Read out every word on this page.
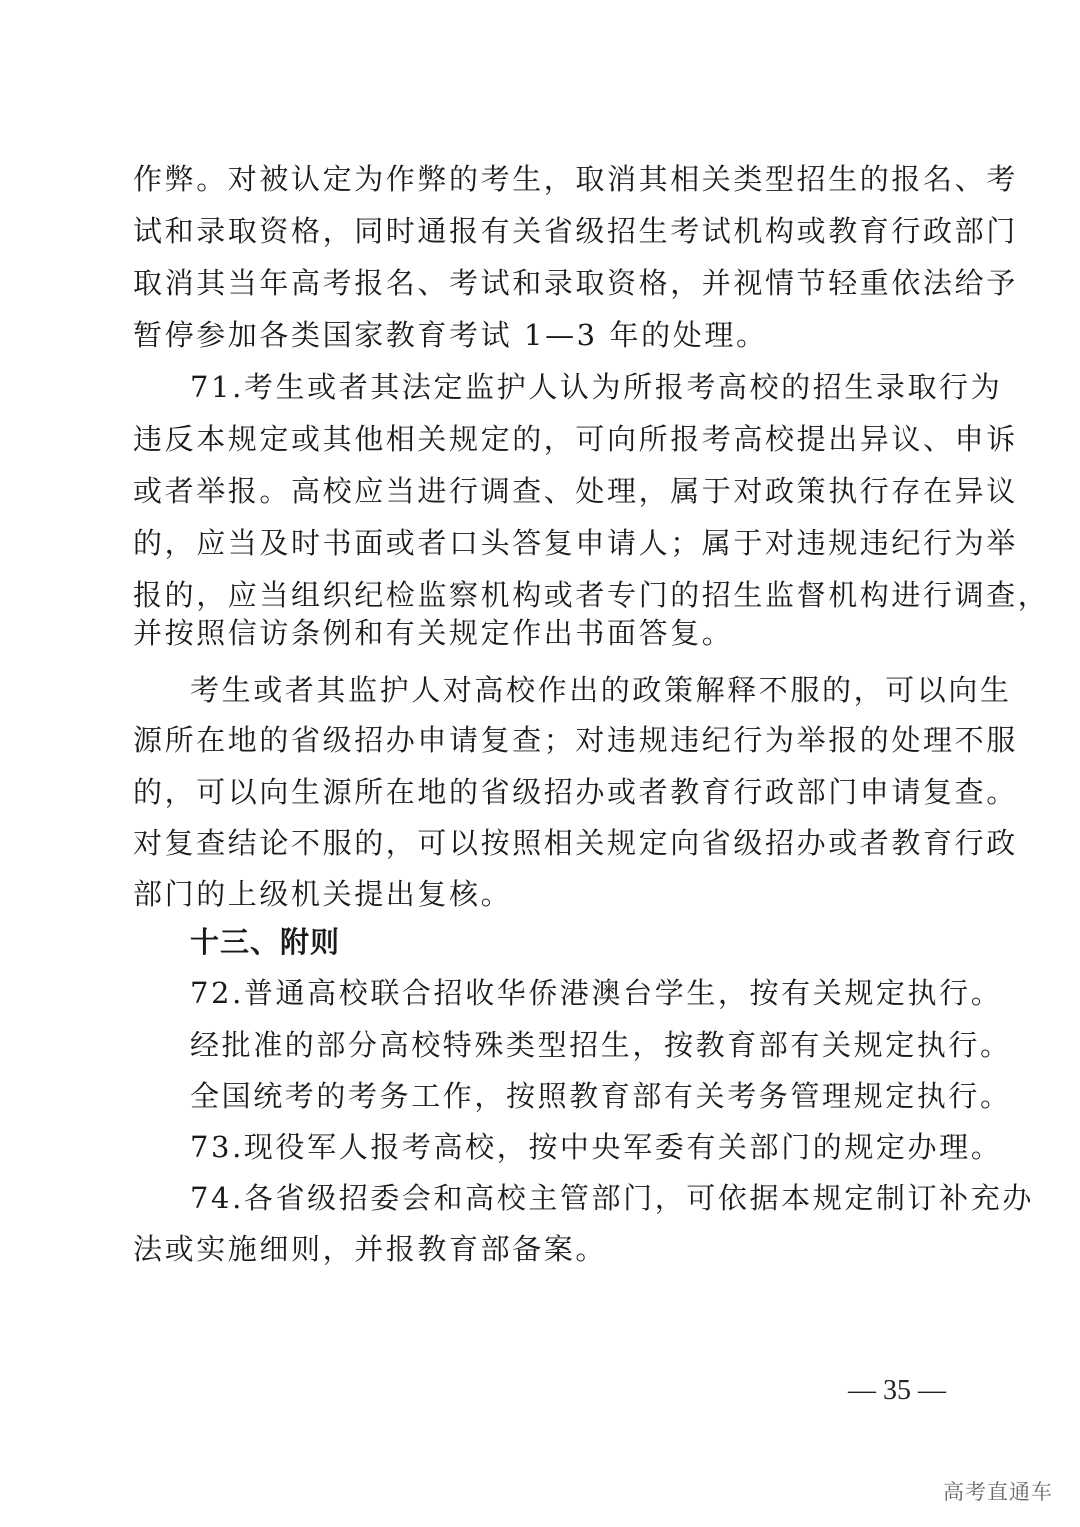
作弊。对被认定为作弊的考生，取消其相关类型招生的报名、考
试和录取资格，同时通报有关省级招生考试机构或教育行政部门
取消其当年高考报名、考试和录取资格，并视情节轻重依法给予
暂停参加各类国家教育考试 1—3 年的处理。
71.考生或者其法定监护人认为所报考高校的招生录取行为
违反本规定或其他相关规定的，可向所报考高校提出异议、申诉
或者举报。高校应当进行调查、处理，属于对政策执行存在异议
的，应当及时书面或者口头答复申请人；属于对违规违纪行为举
报的，应当组织纪检监察机构或者专门的招生监督机构进行调查，
并按照信访条例和有关规定作出书面答复。
考生或者其监护人对高校作出的政策解释不服的，可以向生
源所在地的省级招办申请复查；对违规违纪行为举报的处理不服
的，可以向生源所在地的省级招办或者教育行政部门申请复查。
对复查结论不服的，可以按照相关规定向省级招办或者教育行政
部门的上级机关提出复核。
十三、附则
72.普通高校联合招收华侨港澳台学生，按有关规定执行。
经批准的部分高校特殊类型招生，按教育部有关规定执行。
全国统考的考务工作，按照教育部有关考务管理规定执行。
73.现役军人报考高校，按中央军委有关部门的规定办理。
74.各省级招委会和高校主管部门，可依据本规定制订补充办
法或实施细则，并报教育部备案。
— 35 —
高考直通车
